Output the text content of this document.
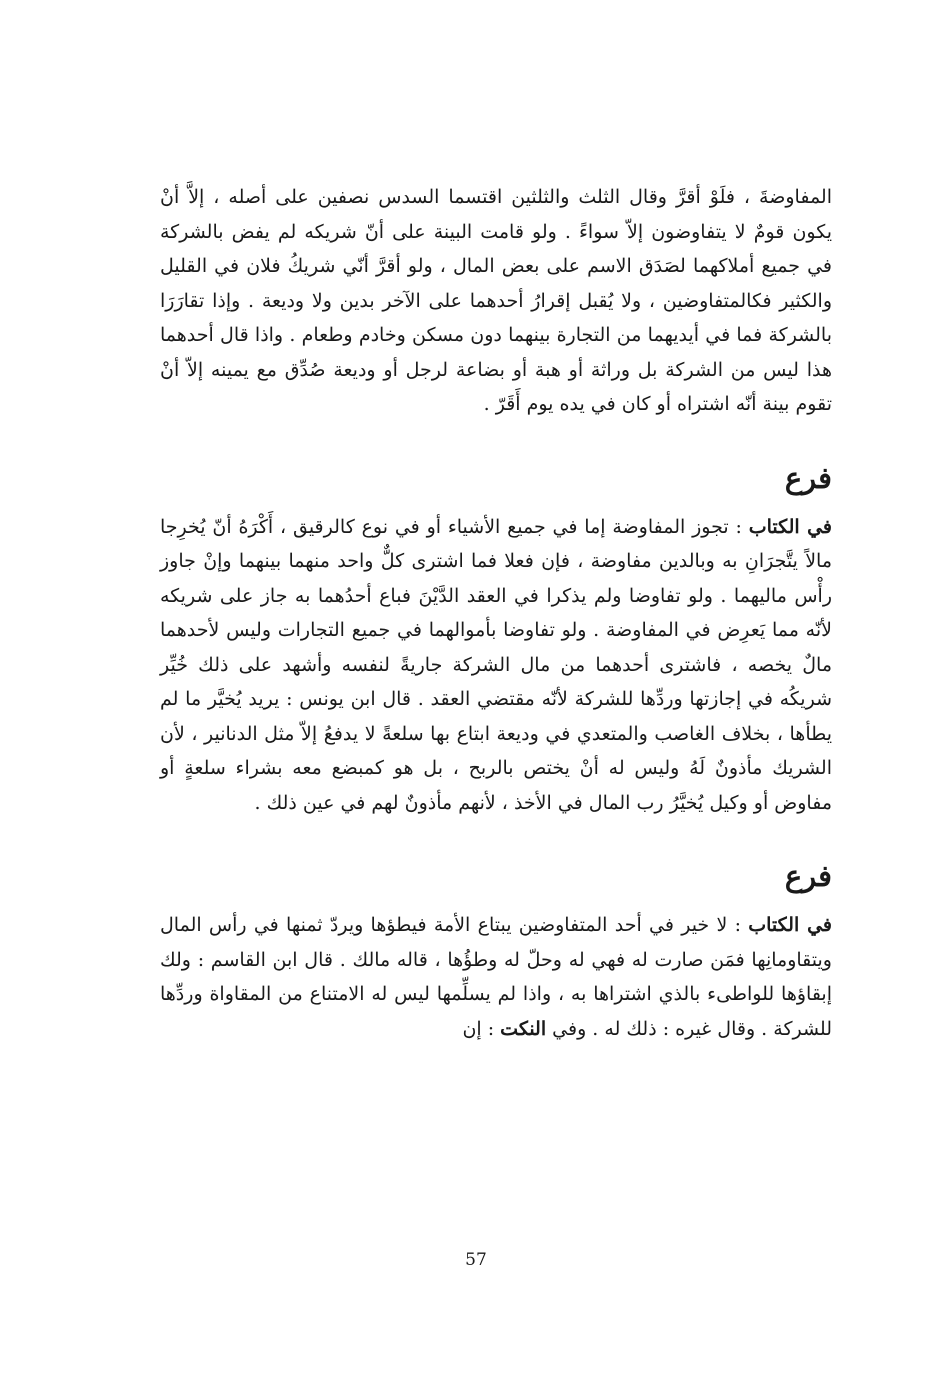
المفاوضةَ ، فلَوْ أقرَّ وقال الثلث والثلثين اقتسما السدس نصفين على أصله ، إلاَّ أنْ يكون قومٌ لا يتفاوضون إلاّ سواءً . ولو قامت البينة على أنّ شريكه لم يفض بالشركة في جميع أملاكهما لصَدَق الاسم على بعض المال ، ولو أقرَّ أنّي شريكُ فلان في القليل والكثير فكالمتفاوضين ، ولا يُقبل إقرارُ أحدهما على الآخر بدين ولا وديعة . وإذا تقارَرَا بالشركة فما في أيديهما من التجارة بينهما دون مسكن وخادم وطعام . واذا قال أحدهما هذا ليس من الشركة بل وراثة أو هبة أو بضاعة لرجل أو وديعة صُدِّق مع يمينه إلاّ أنْ تقوم بينة أنّه اشتراه أو كان في يده يوم أَقَرّ .

فرع

في الكتاب : تجوز المفاوضة إما في جميع الأشياء أو في نوع كالرقيق ، أَكْرَهُ أنّ يُخرِجا مالاً يتَّجرَانِ به وبالدين مفاوضة ، فإن فعلا فما اشترى كلٌّ واحد منهما بينهما وإنْ جاوز رأْس ماليهما . ولو تفاوضا ولم يذكرا في العقد الدَّيْنَ فباع أحدُهما به جاز على شريكه لأنّه مما يَعرِض في المفاوضة . ولو تفاوضا بأموالهما في جميع التجارات وليس لأحدهما مالٌ يخصه ، فاشترى أحدهما من مال الشركة جاريةً لنفسه وأشهد على ذلك خُيِّر شريكُه في إجازتها وردِّها للشركة لأنّه مقتضي العقد . قال ابن يونس : يريد يُخيَّر ما لم يطأها ، بخلاف الغاصب والمتعدي في وديعة ابتاع بها سلعةً لا يدفعُ إلاّ مثل الدنانير ، لأن الشريك مأذونٌ لَهُ وليس له أنْ يختص بالربح ، بل هو كمبضع معه بشراء سلعةٍ أو مفاوض أو وكيل يُخيَّرُ رب المال في الأخذ ، لأنهم مأذونٌ لهم في عين ذلك .

فرع

في الكتاب : لا خير في أحد المتفاوضين يبتاع الأمة فيطؤها ويردّ ثمنها في رأس المال ويتقاومانِها فمَن صارت له فهي له وحلّ له وطؤُها ، قاله مالك . قال ابن القاسم : ولك إبقاؤها للواطىء بالذي اشتراها به ، واذا لم يسلِّمها ليس له الامتناع من المقاواة وردِّها للشركة . وقال غيره : ذلك له . وفي النكت : إن

57
